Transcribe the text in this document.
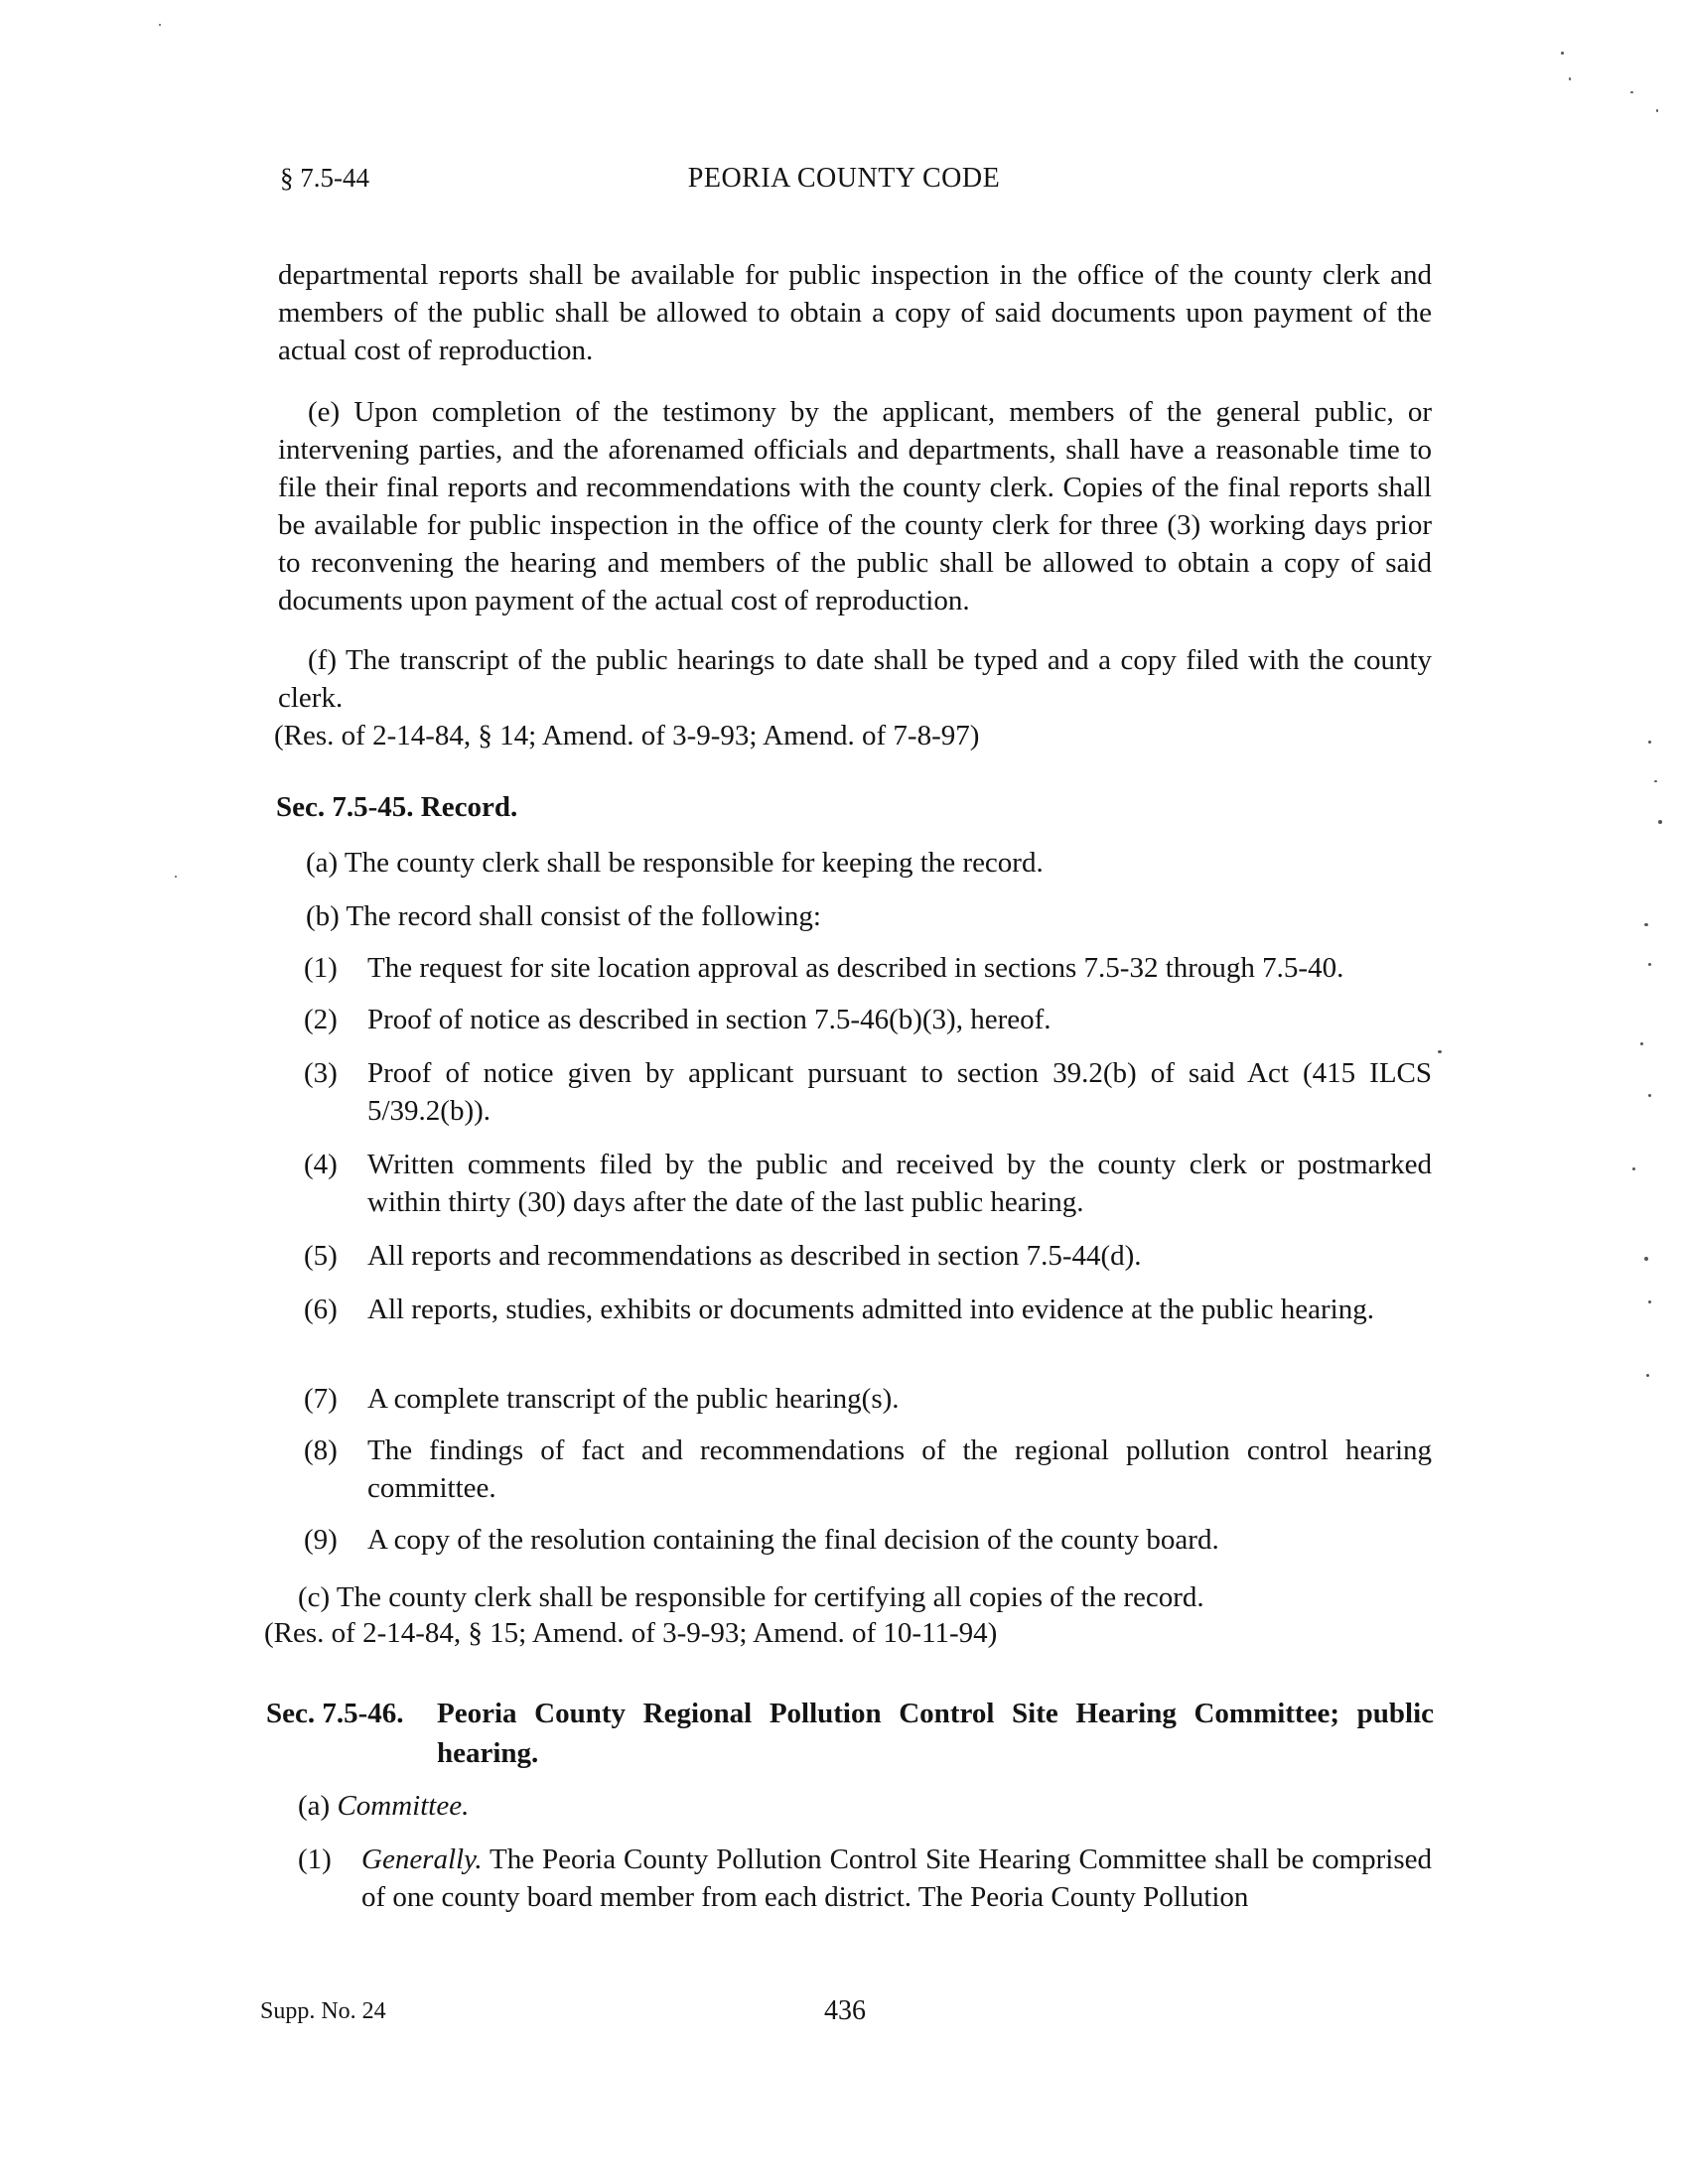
§ 7.5-44	PEORIA COUNTY CODE
departmental reports shall be available for public inspection in the office of the county clerk and members of the public shall be allowed to obtain a copy of said documents upon payment of the actual cost of reproduction.
(e) Upon completion of the testimony by the applicant, members of the general public, or intervening parties, and the aforenamed officials and departments, shall have a reasonable time to file their final reports and recommendations with the county clerk. Copies of the final reports shall be available for public inspection in the office of the county clerk for three (3) working days prior to reconvening the hearing and members of the public shall be allowed to obtain a copy of said documents upon payment of the actual cost of reproduction.
(f) The transcript of the public hearings to date shall be typed and a copy filed with the county clerk.
(Res. of 2-14-84, § 14; Amend. of 3-9-93; Amend. of 7-8-97)
Sec. 7.5-45. Record.
(a) The county clerk shall be responsible for keeping the record.
(b) The record shall consist of the following:
(1) The request for site location approval as described in sections 7.5-32 through 7.5-40.
(2) Proof of notice as described in section 7.5-46(b)(3), hereof.
(3) Proof of notice given by applicant pursuant to section 39.2(b) of said Act (415 ILCS 5/39.2(b)).
(4) Written comments filed by the public and received by the county clerk or postmarked within thirty (30) days after the date of the last public hearing.
(5) All reports and recommendations as described in section 7.5-44(d).
(6) All reports, studies, exhibits or documents admitted into evidence at the public hearing.
(7) A complete transcript of the public hearing(s).
(8) The findings of fact and recommendations of the regional pollution control hearing committee.
(9) A copy of the resolution containing the final decision of the county board.
(c) The county clerk shall be responsible for certifying all copies of the record.
(Res. of 2-14-84, § 15; Amend. of 3-9-93; Amend. of 10-11-94)
Sec. 7.5-46. Peoria County Regional Pollution Control Site Hearing Committee; public hearing.
(a) Committee.
(1) Generally. The Peoria County Pollution Control Site Hearing Committee shall be comprised of one county board member from each district. The Peoria County Pollution
Supp. No. 24	436
